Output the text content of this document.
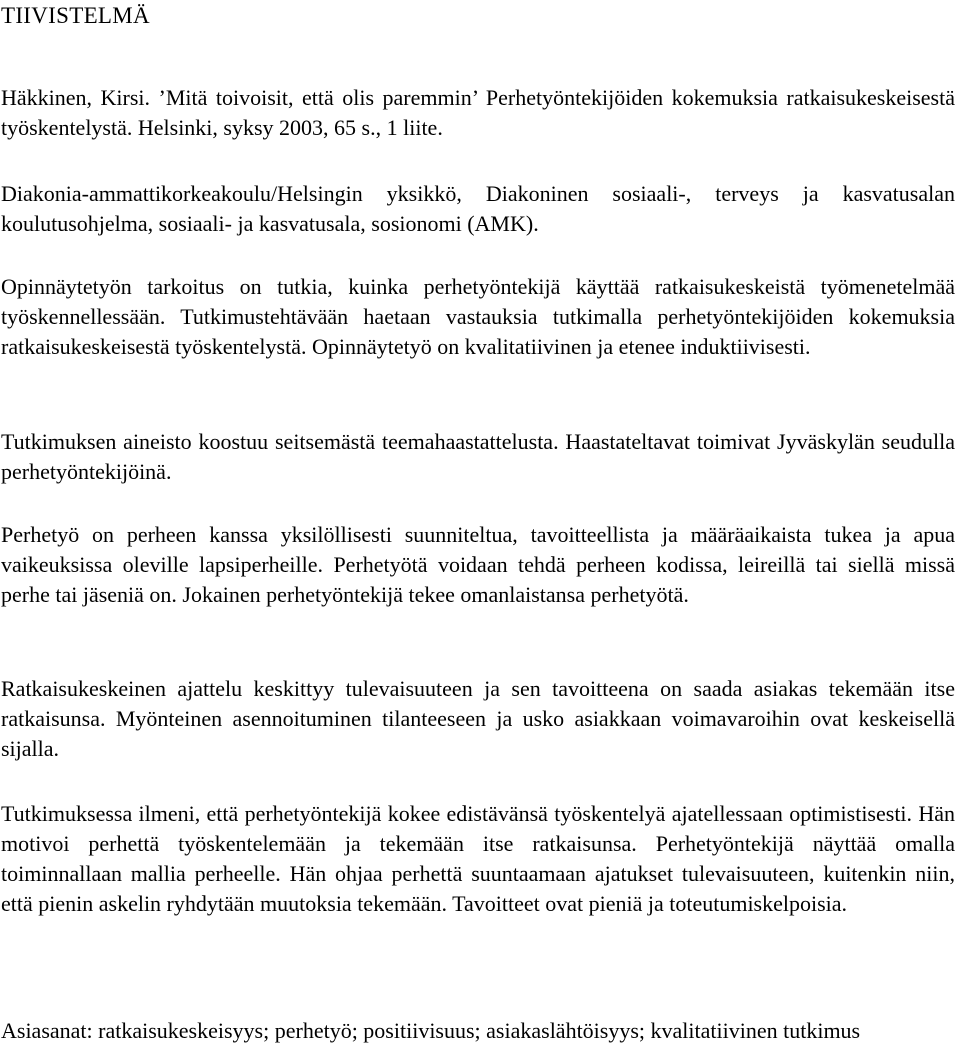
TIIVISTELMÄ

Häkkinen, Kirsi. ’Mitä toivoisit, että olis paremmin’ Perhetyöntekijöiden kokemuksia ratkaisukeskeisestä työskentelystä. Helsinki, syksy 2003, 65 s., 1 liite.

Diakonia-ammattikorkeakoulu/Helsingin yksikkö, Diakoninen sosiaali-, terveys ja kasvatusalan koulutusohjelma, sosiaali- ja kasvatusala, sosionomi (AMK).

Opinnäytetyön tarkoitus on tutkia, kuinka perhetyöntekijä käyttää ratkaisukeskeistä työmenetelmää työskennellessään. Tutkimustehtävään haetaan vastauksia tutkimalla perhetyöntekijöiden kokemuksia ratkaisukeskeisestä työskentelystä. Opinnäytetyö on kvalitatiivinen ja etenee induktiivisesti.

Tutkimuksen aineisto koostuu seitsemästä teemahaastattelusta. Haastateltavat toimivat Jyväskylän seudulla perhetyöntekijöinä.

Perhetyö on perheen kanssa yksilöllisesti suunniteltua, tavoitteellista ja määräaikaista tukea ja apua vaikeuksissa oleville lapsiperheille. Perhetyötä voidaan tehdä perheen kodissa, leireillä tai siellä missä perhe tai jäseniä on. Jokainen perhetyöntekijä tekee omanlaistansa perhetyötä.

Ratkaisukeskeinen ajattelu keskittyy tulevaisuuteen ja sen tavoitteena on saada asiakas tekemään itse ratkaisunsa. Myönteinen asennoituminen tilanteeseen ja usko asiakkaan voimavaroihin ovat keskeisellä sijalla.

Tutkimuksessa ilmeni, että perhetyöntekijä kokee edistävänsä työskentelyä ajatellessaan optimistisesti. Hän motivoi perhettä työskentelemään ja tekemään itse ratkaisunsa. Perhetyöntekijä näyttää omalla toiminnallaan mallia perheelle. Hän ohjaa perhettä suuntaamaan ajatukset tulevaisuuteen, kuitenkin niin, että pienin askelin ryhdytään muutoksia tekemään. Tavoitteet ovat pieniä ja toteutumiskelpoisia.

Asiasanat: ratkaisukeskeisyys; perhetyö; positiivisuus; asiakaslähtöisyys; kvalitatiivinen tutkimus
